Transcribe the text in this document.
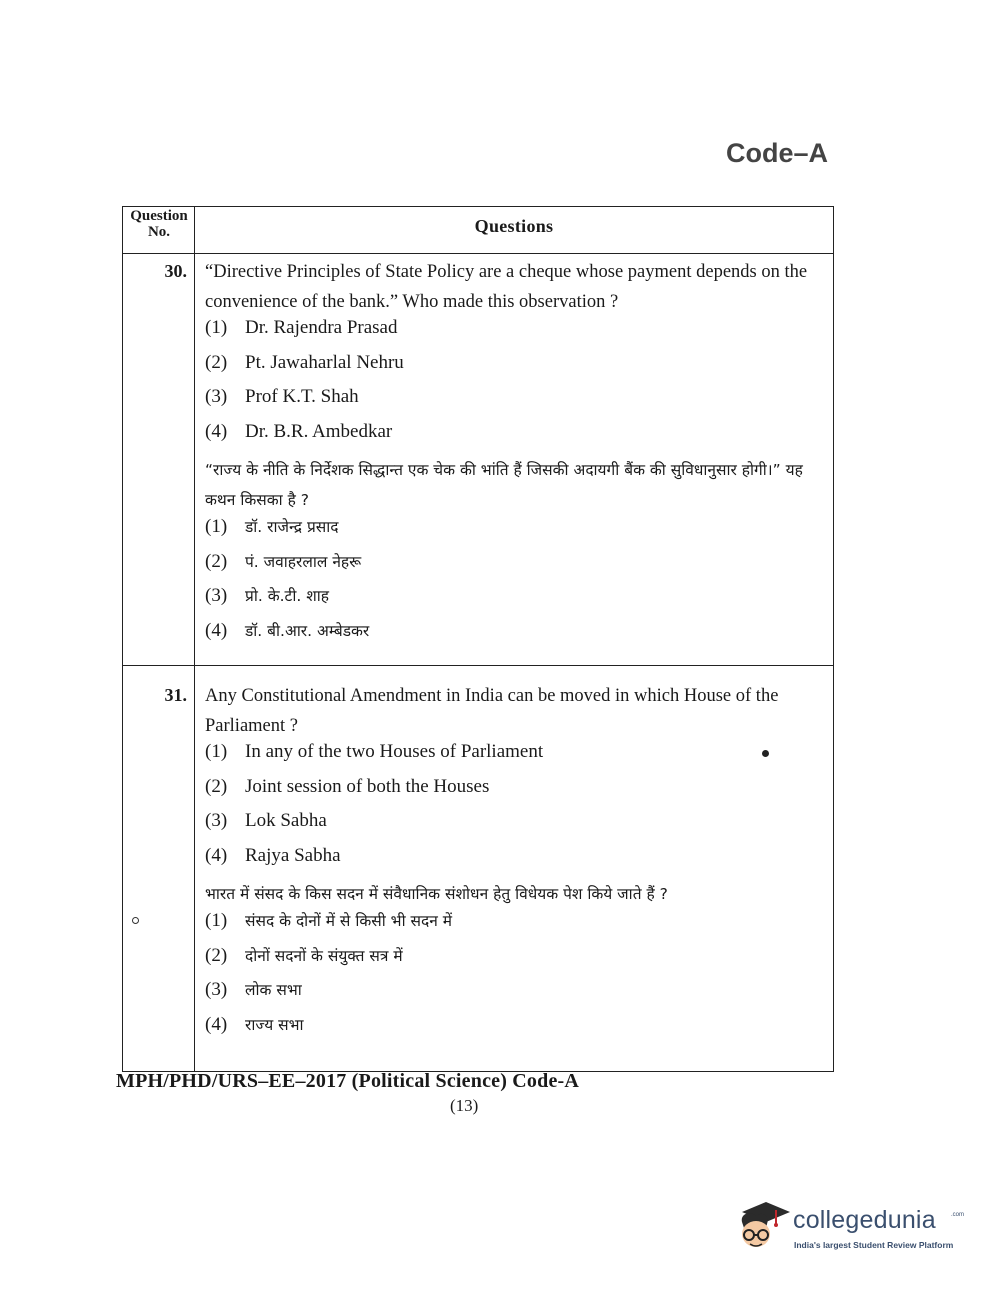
Code–A
Question No.	Questions
30. “Directive Principles of State Policy are a cheque whose payment depends on the convenience of the bank.” Who made this observation ?

(1) Dr. Rajendra Prasad
(2) Pt. Jawaharlal Nehru
(3) Prof K.T. Shah
(4) Dr. B.R. Ambedkar

“राज्य के नीति के निर्देशक सिद्धान्त एक चेक की भांति हैं जिसकी अदायगी बैंक की सुविधानुसार होगी।” यह कथन किसका है ?

(1)	डॉ. राजेन्द्र प्रसाद
(2)	पं. जवाहरलाल नेहरू
(3)	प्रो. के.टी. शाह
(4)	डॉ. बी.आर. अम्बेडकर
31. Any Constitutional Amendment in India can be moved in which House of the Parliament ?

(1) In any of the two Houses of Parliament
(2) Joint session of both the Houses
(3) Lok Sabha
(4) Rajya Sabha

भारत में संसद के किस सदन में संवैधानिक संशोधन हेतु विधेयक पेश किये जाते हैं ?

(1)	संसद के दोनों में से किसी भी सदन में
(2)	दोनों सदनों के संयुक्त सत्र में
(3)	लोक सभा
(4)	राज्य सभा
MPH/PHD/URS–EE–2017 (Political Science) Code-A
(13)
collegedunia	.com
India's largest Student Review Platform
